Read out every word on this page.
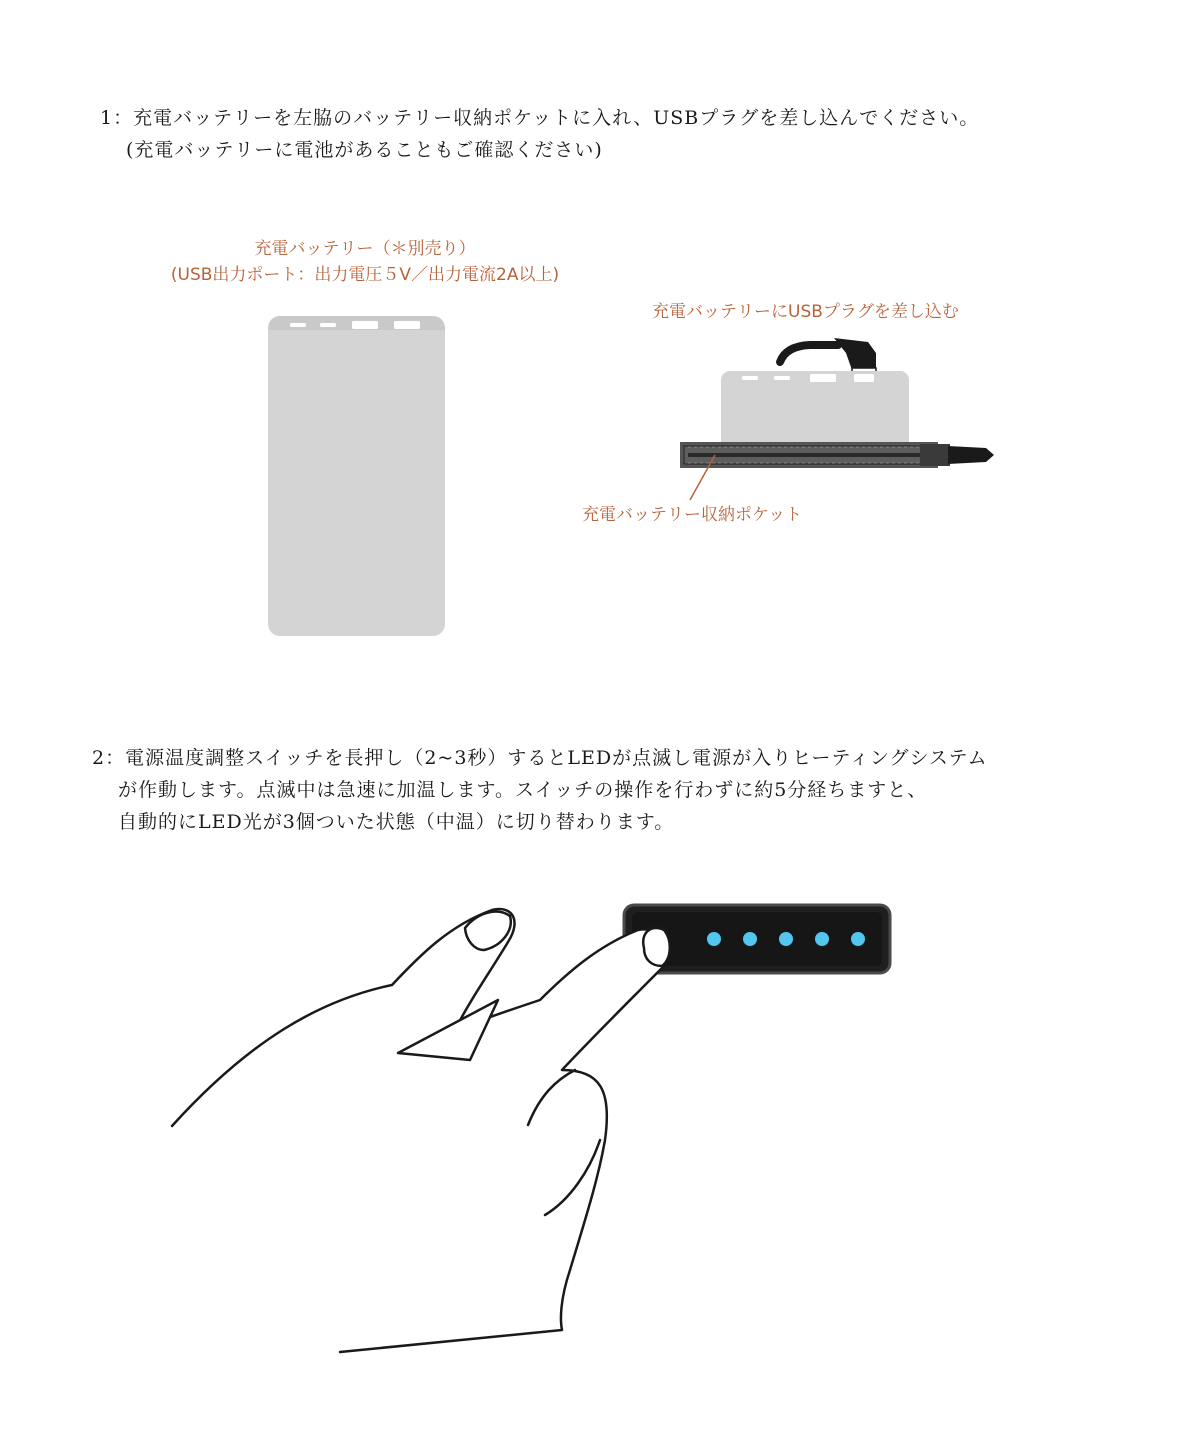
1：充電バッテリーを左脇のバッテリー収納ポケットに入れ、USBプラグを差し込んでください。
(充電バッテリーに電池があることもご確認ください)
充電バッテリー（＊別売り）
(USB出力ポート：出力電圧５V／出力電流2A以上)
充電バッテリーにUSBプラグを差し込む
充電バッテリー収納ポケット
2：電源温度調整スイッチを長押し（2~3秒）するとLEDが点滅し電源が入りヒーティングシステム
が作動します。点滅中は急速に加温します。スイッチの操作を行わずに約5分経ちますと、
自動的にLED光が3個ついた状態（中温）に切り替わります。
